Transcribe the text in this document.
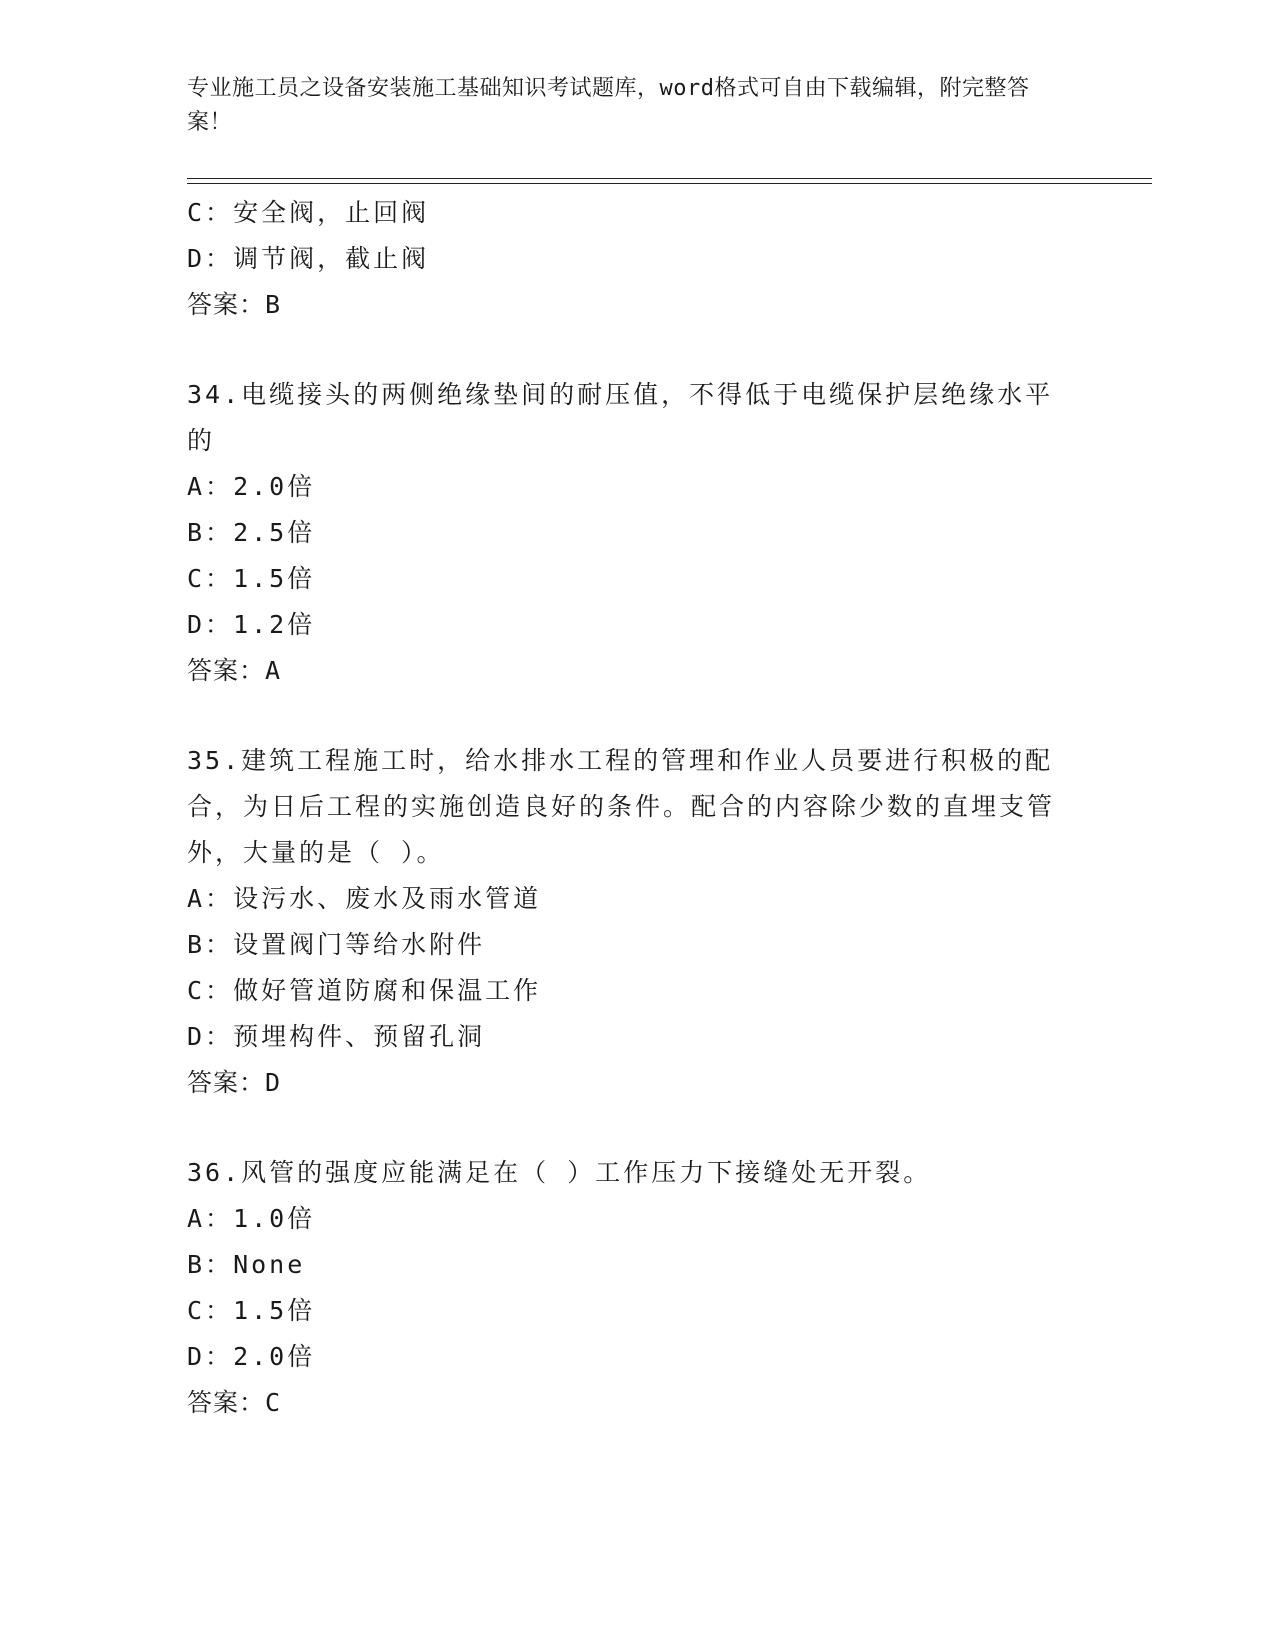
专业施工员之设备安装施工基础知识考试题库，word格式可自由下载编辑，附完整答案！
C：安全阀，止回阀
D：调节阀，截止阀
答案：B
34.电缆接头的两侧绝缘垫间的耐压值，不得低于电缆保护层绝缘水平的
A：2.0倍
B：2.5倍
C：1.5倍
D：1.2倍
答案：A
35.建筑工程施工时，给水排水工程的管理和作业人员要进行积极的配合，为日后工程的实施创造良好的条件。配合的内容除少数的直埋支管外，大量的是（ ）。
A：设污水、废水及雨水管道
B：设置阀门等给水附件
C：做好管道防腐和保温工作
D：预埋构件、预留孔洞
答案：D
36.风管的强度应能满足在（ ）工作压力下接缝处无开裂。
A：1.0倍
B：None
C：1.5倍
D：2.0倍
答案：C
